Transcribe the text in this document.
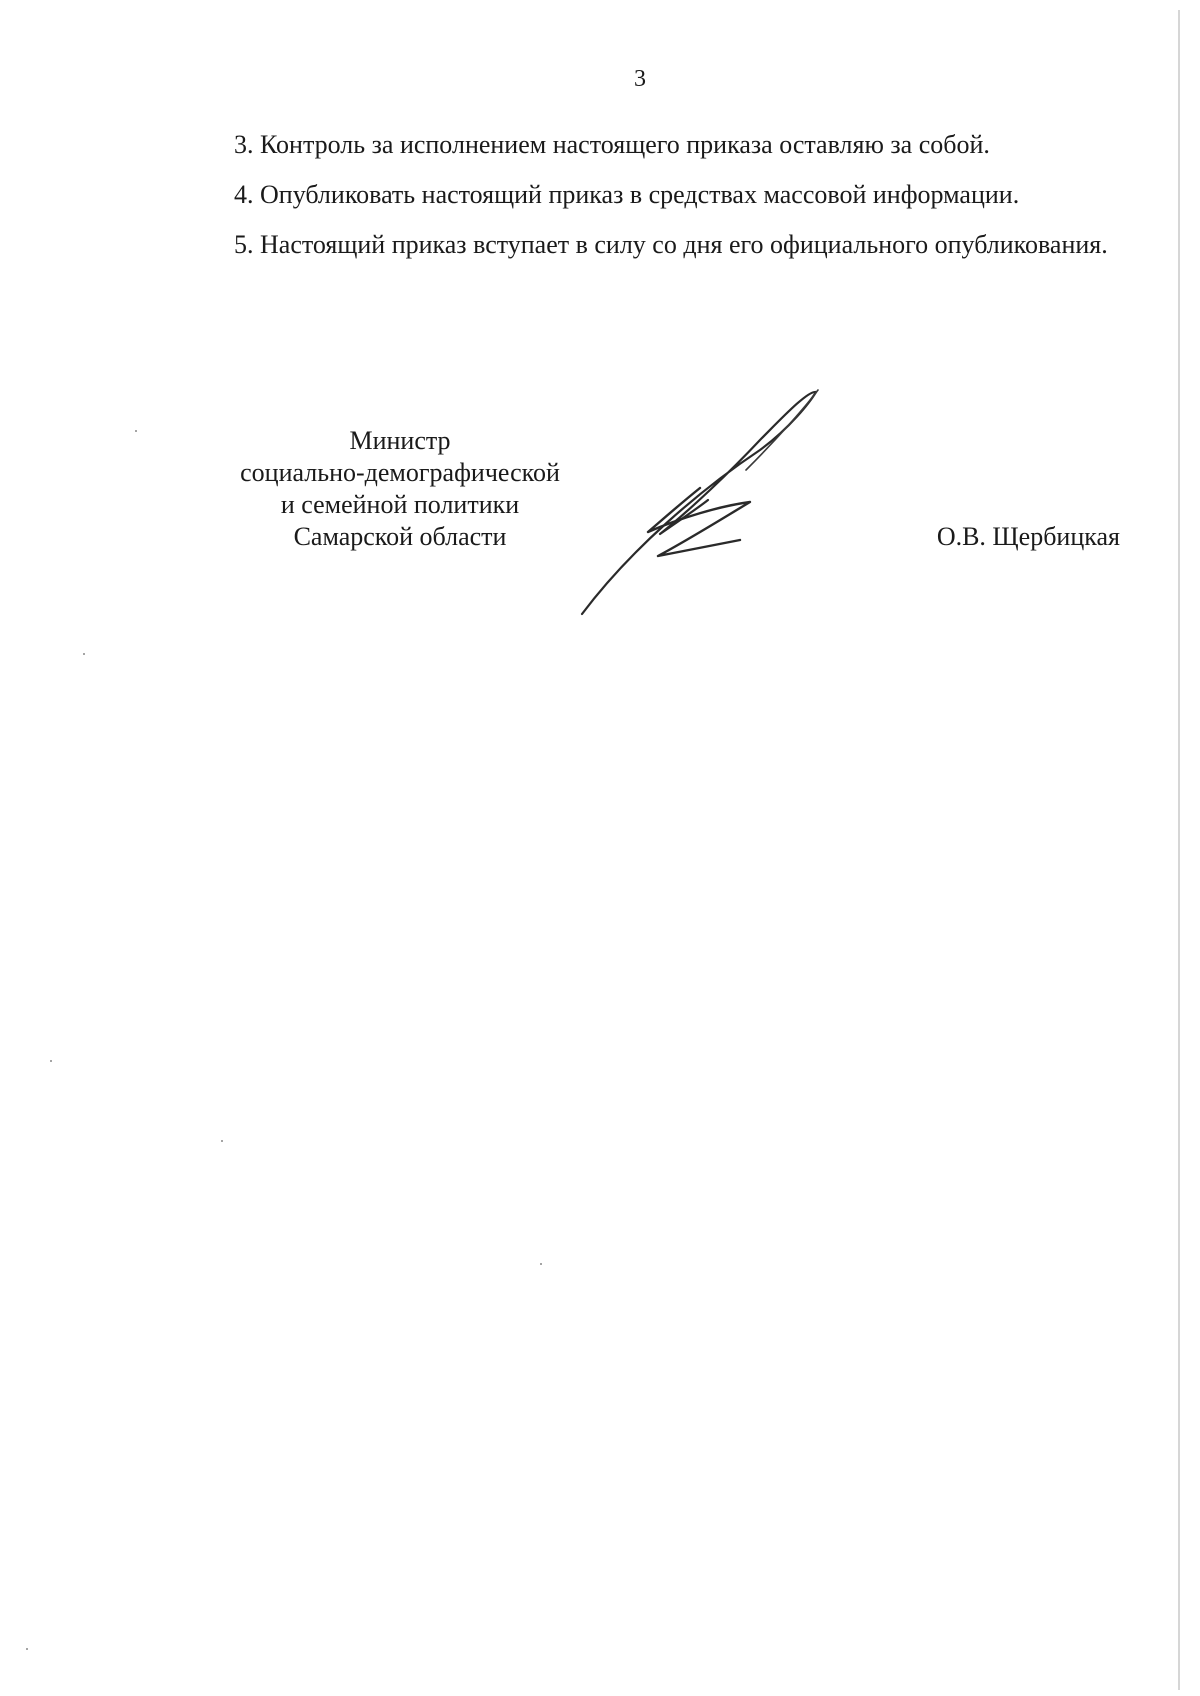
3

3. Контроль за исполнением настоящего приказа оставляю за собой.

4. Опубликовать настоящий приказ в средствах массовой информации.

5. Настоящий приказ вступает в силу со дня его официального опубликования.

Министр
социально-демографической
и семейной политики
Самарской области	О.В. Щербицкая
